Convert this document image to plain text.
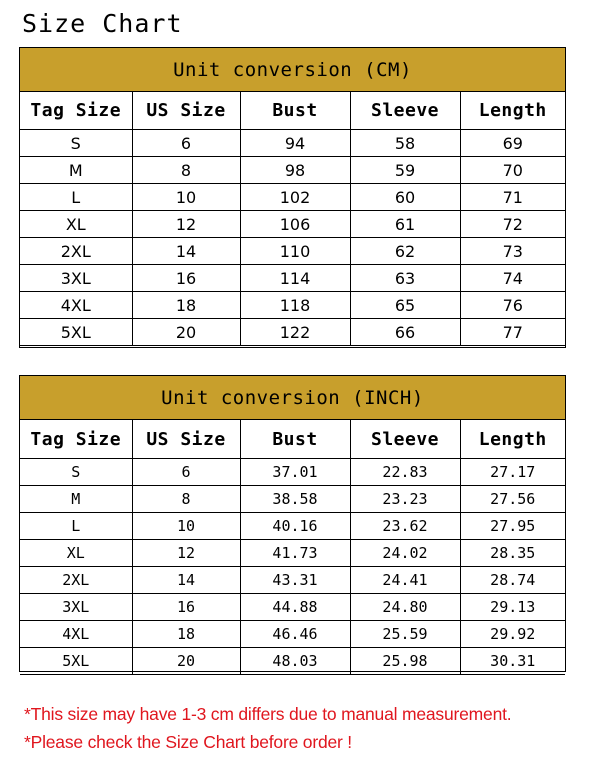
Size Chart
Unit conversion (CM)
Tag Size	US Size	Bust	Sleeve	Length
S	6	94	58	69
M	8	98	59	70
L	10	102	60	71
XL	12	106	61	72
2XL	14	110	62	73
3XL	16	114	63	74
4XL	18	118	65	76
5XL	20	122	66	77
Unit conversion (INCH)
Tag Size	US Size	Bust	Sleeve	Length
S	6	37.01	22.83	27.17
M	8	38.58	23.23	27.56
L	10	40.16	23.62	27.95
XL	12	41.73	24.02	28.35
2XL	14	43.31	24.41	28.74
3XL	16	44.88	24.80	29.13
4XL	18	46.46	25.59	29.92
5XL	20	48.03	25.98	30.31

*This size may have 1-3 cm differs due to manual measurement.

*Please check the Size Chart before order !
